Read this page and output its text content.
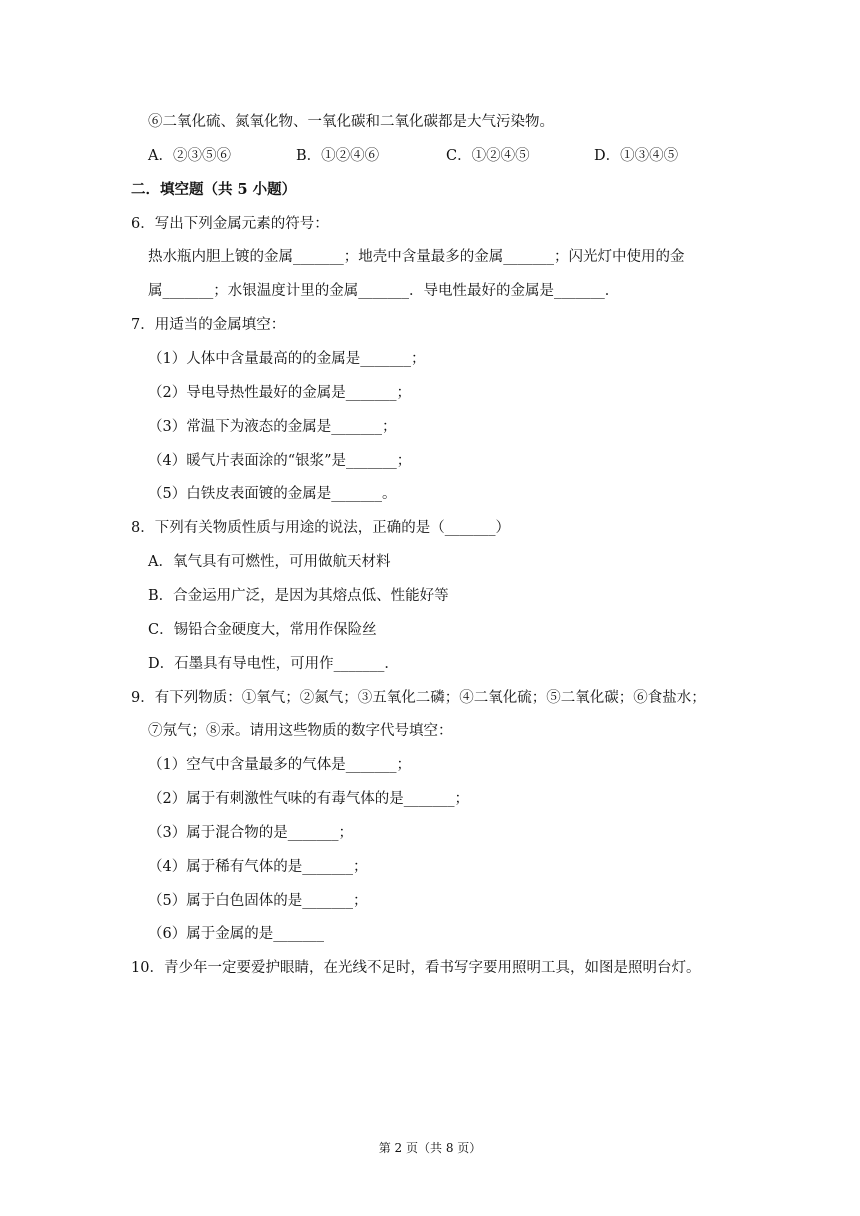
⑥二氧化硫、氮氧化物、一氧化碳和二氧化碳都是大气污染物。

A．②③⑤⑥

	B．①②④⑥

	C．①②④⑤

	D．①③④⑤

二．填空题（共 5 小题）
6．写出下列金属元素的符号：
热水瓶内胆上镀的金属_______；地壳中含量最多的金属_______；闪光灯中使用的金
属_______；水银温度计里的金属_______．导电性最好的金属是_______．
7．用适当的金属填空：
（1）人体中含量最高的的金属是_______；
（2）导电导热性最好的金属是_______；
（3）常温下为液态的金属是_______；
（4）暖气片表面涂的“银浆”是_______；
（5）白铁皮表面镀的金属是_______。
8．下列有关物质性质与用途的说法，正确的是（_______）
A．氧气具有可燃性，可用做航天材料
B．合金运用广泛，是因为其熔点低、性能好等
C．锡铅合金硬度大，常用作保险丝
D．石墨具有导电性，可用作_______．
9．有下列物质：①氧气；②氮气；③五氧化二磷；④二氧化硫；⑤二氧化碳；⑥食盐水；
⑦氖气；⑧汞。请用这些物质的数字代号填空：
（1）空气中含量最多的气体是_______；
（2）属于有刺激性气味的有毒气体的是_______；
（3）属于混合物的是_______；
（4）属于稀有气体的是_______；
（5）属于白色固体的是_______；
（6）属于金属的是_______
10．青少年一定要爱护眼睛，在光线不足时，看书写字要用照明工具，如图是照明台灯。
第 2 页（共 8 页）
